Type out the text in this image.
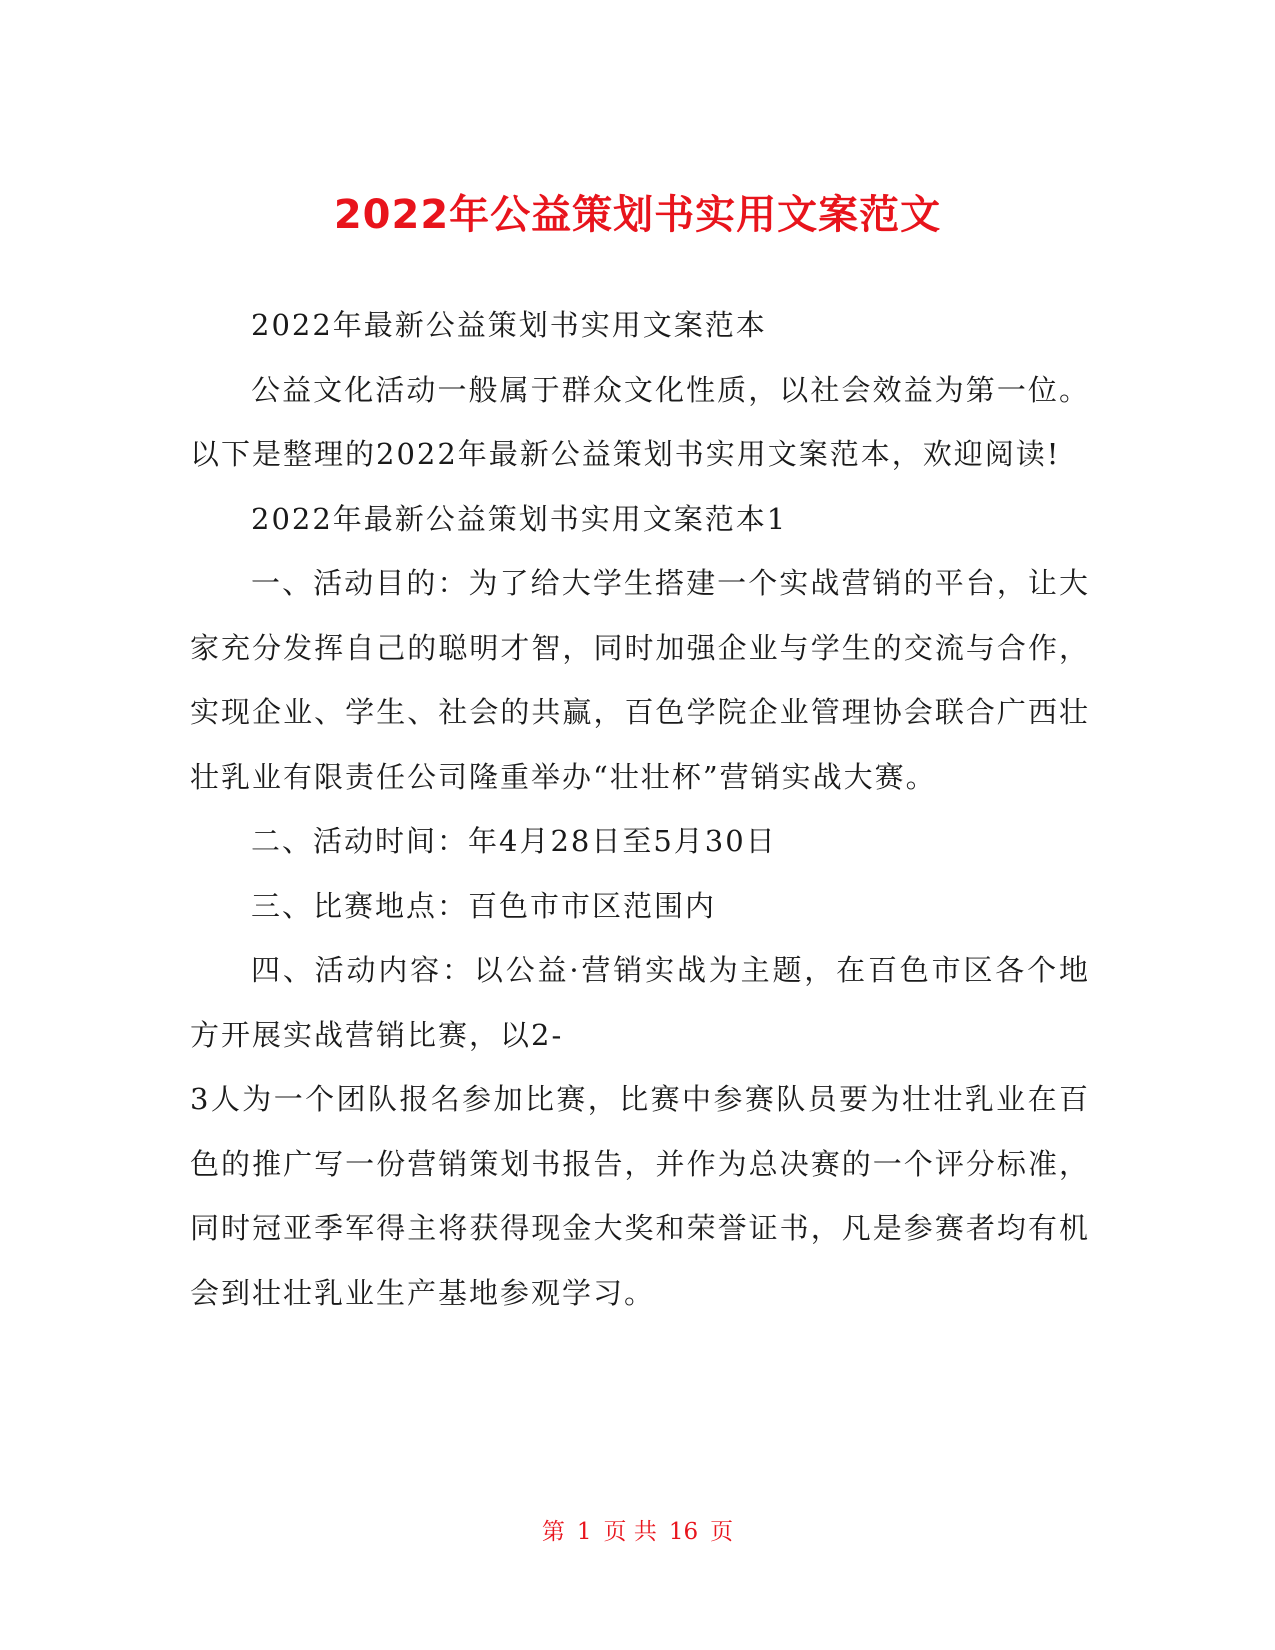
2022年公益策划书实用文案范文

2022年最新公益策划书实用文案范本

公益文化活动一般属于群众文化性质，以社会效益为第一位。以下是整理的2022年最新公益策划书实用文案范本，欢迎阅读!

2022年最新公益策划书实用文案范本1

一、活动目的：为了给大学生搭建一个实战营销的平台，让大家充分发挥自己的聪明才智，同时加强企业与学生的交流与合作，实现企业、学生、社会的共赢，百色学院企业管理协会联合广西壮壮乳业有限责任公司隆重举办“壮壮杯”营销实战大赛。

二、活动时间：年4月28日至5月30日

三、比赛地点：百色市市区范围内

四、活动内容：以公益·营销实战为主题，在百色市区各个地方开展实战营销比赛，以2-

3人为一个团队报名参加比赛，比赛中参赛队员要为壮壮乳业在百色的推广写一份营销策划书报告，并作为总决赛的一个评分标准，同时冠亚季军得主将获得现金大奖和荣誉证书，凡是参赛者均有机会到壮壮乳业生产基地参观学习。

第 1 页 共 16 页
